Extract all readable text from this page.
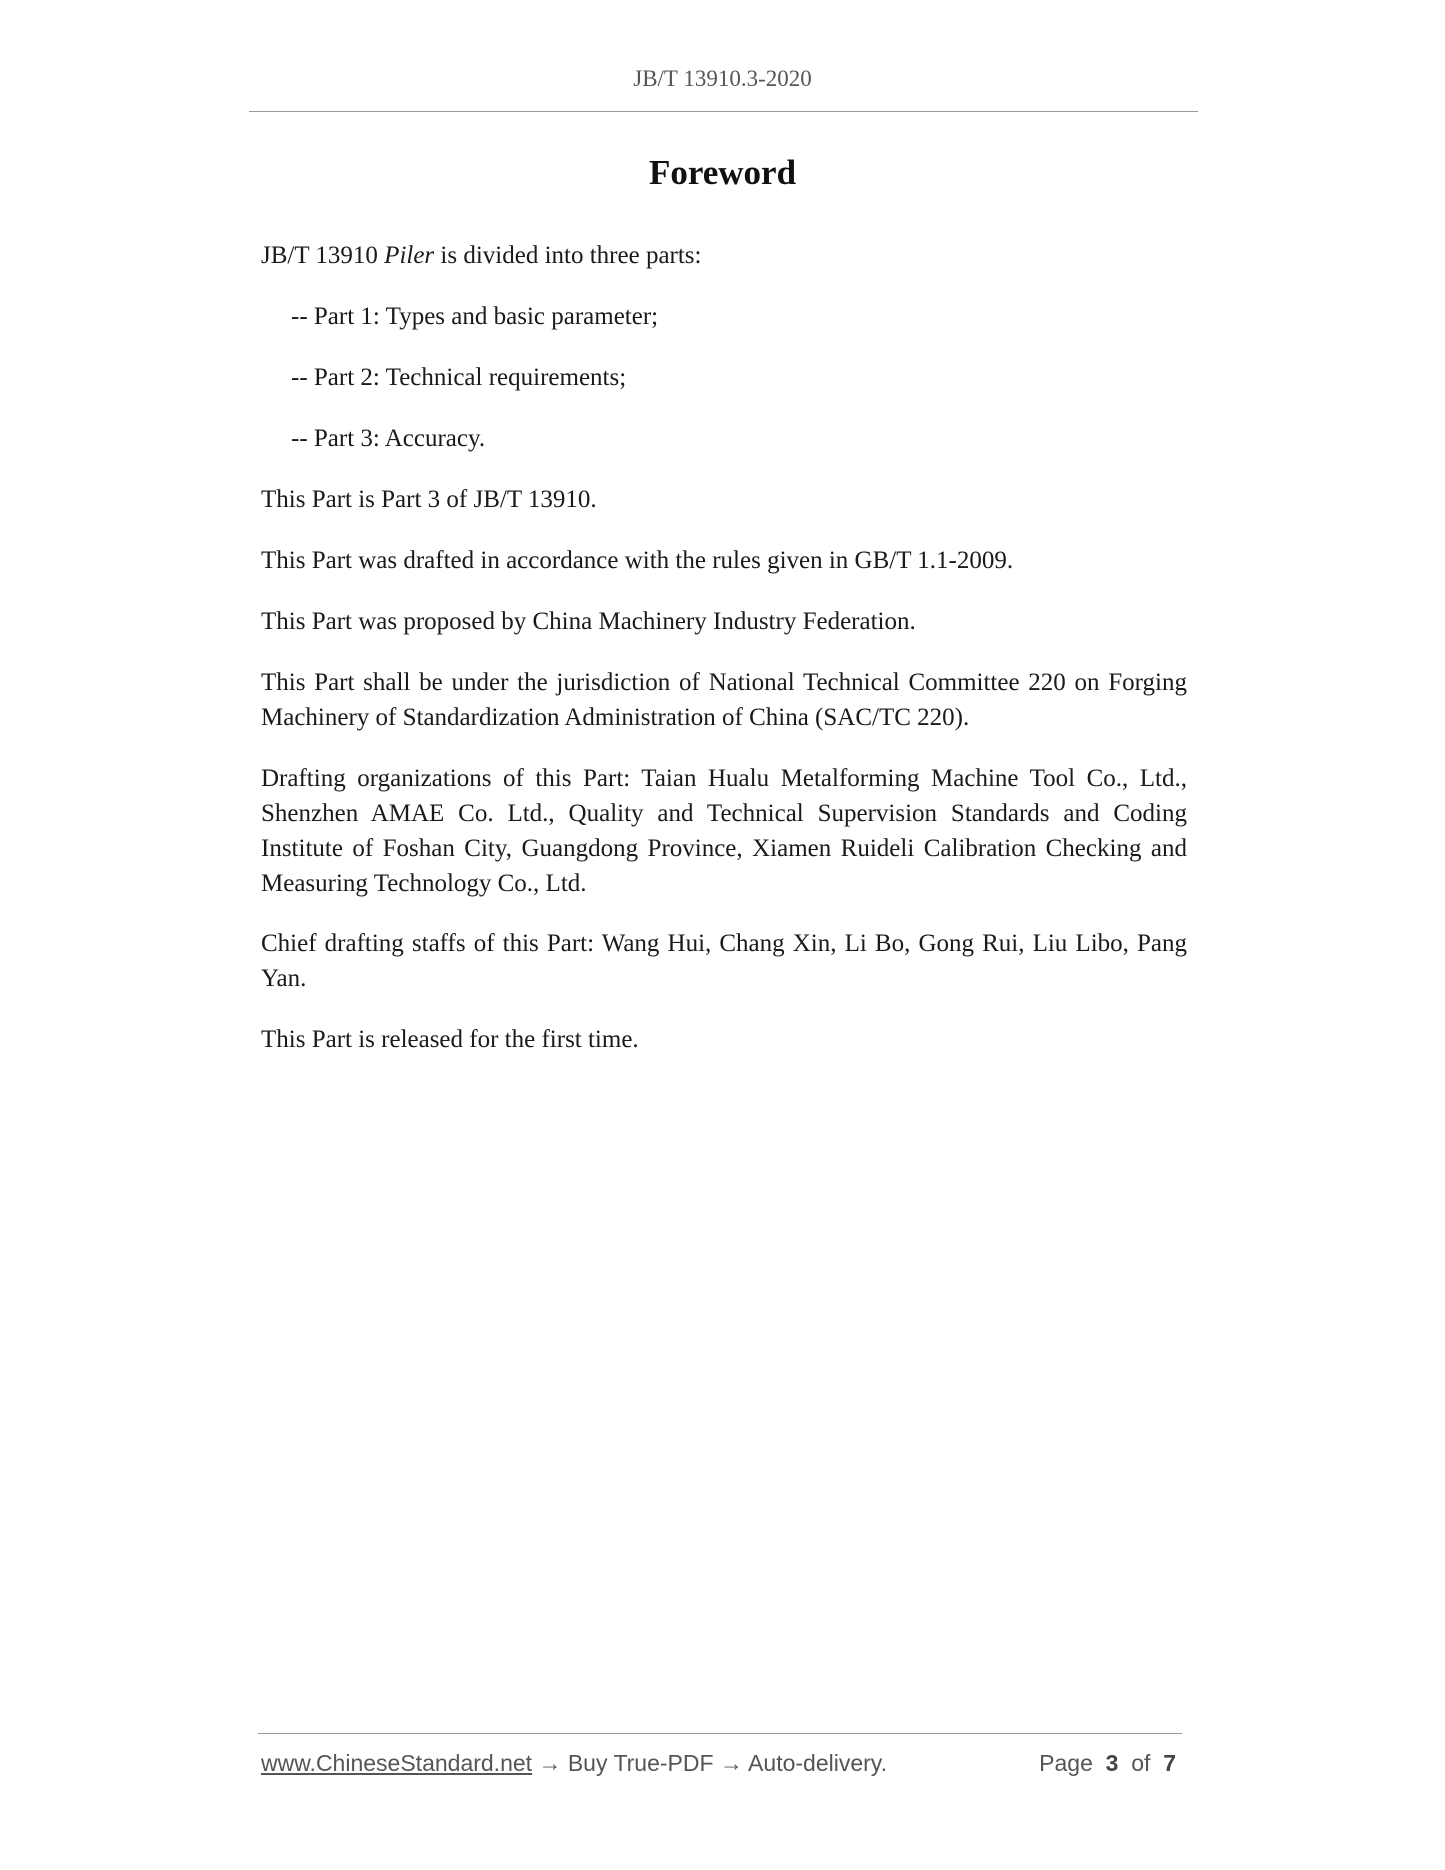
JB/T 13910.3-2020
Foreword

JB/T 13910 Piler is divided into three parts:

-- Part 1: Types and basic parameter;

-- Part 2: Technical requirements;

-- Part 3: Accuracy.

This Part is Part 3 of JB/T 13910.

This Part was drafted in accordance with the rules given in GB/T 1.1-2009.

This Part was proposed by China Machinery Industry Federation.

This Part shall be under the jurisdiction of National Technical Committee 220 on Forging Machinery of Standardization Administration of China (SAC/TC 220).

Drafting organizations of this Part: Taian Hualu Metalforming Machine Tool Co., Ltd., Shenzhen AMAE Co. Ltd., Quality and Technical Supervision Standards and Coding Institute of Foshan City, Guangdong Province, Xiamen Ruideli Calibration Checking and Measuring Technology Co., Ltd.

Chief drafting staffs of this Part: Wang Hui, Chang Xin, Li Bo, Gong Rui, Liu Libo, Pang Yan.

This Part is released for the first time.

www.ChineseStandard.net → Buy True-PDF → Auto-delivery.	Page 3 of 7
